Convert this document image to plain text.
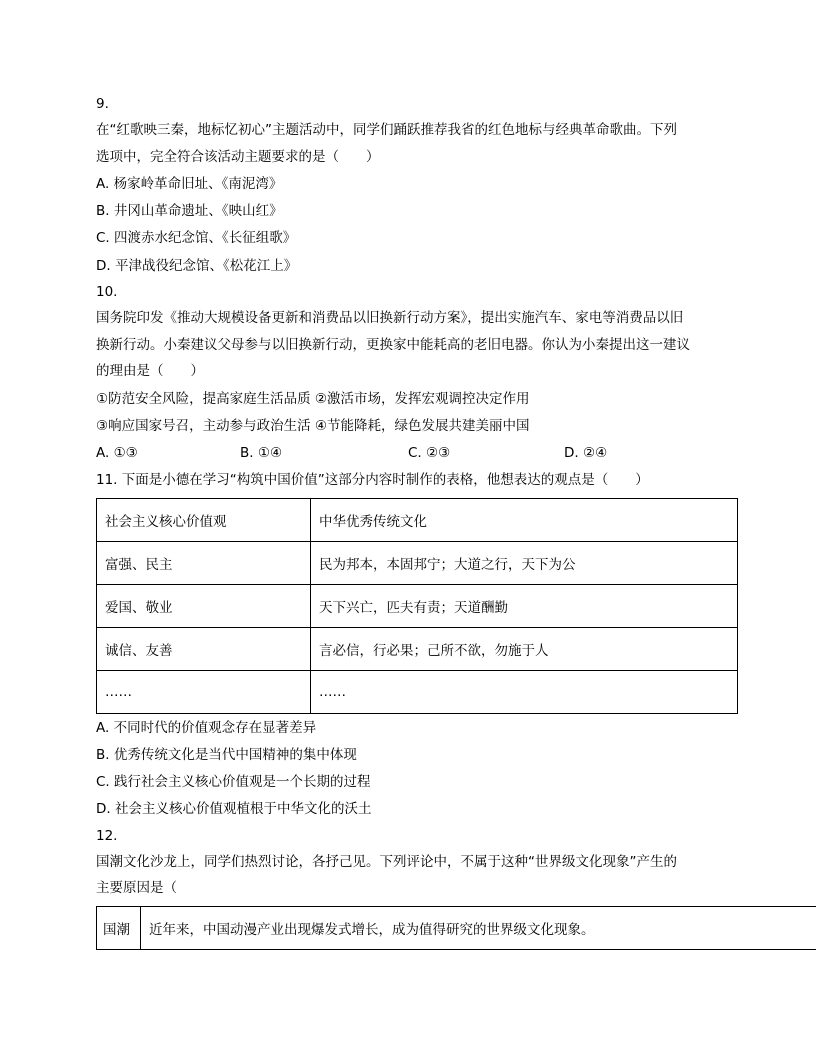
9.
在“红歌映三秦，地标忆初心”主题活动中，同学们踊跃推荐我省的红色地标与经典革命歌曲。下列
选项中，完全符合该活动主题要求的是（　　）
A. 杨家岭革命旧址、《南泥湾》
B. 井冈山革命遗址、《映山红》
C. 四渡赤水纪念馆、《长征组歌》
D. 平津战役纪念馆、《松花江上》
10.
国务院印发《推动大规模设备更新和消费品以旧换新行动方案》，提出实施汽车、家电等消费品以旧
换新行动。小秦建议父母参与以旧换新行动，更换家中能耗高的老旧电器。你认为小秦提出这一建议
的理由是（　　）
①防范安全风险，提高家庭生活品质 ②激活市场，发挥宏观调控决定作用
③响应国家号召，主动参与政治生活 ④节能降耗，绿色发展共建美丽中国
A. ①③	B. ①④	C. ②③	D. ②④
11. 下面是小德在学习“构筑中国价值”这部分内容时制作的表格，他想表达的观点是（　　）
社会主义核心价值观	中华优秀传统文化
富强、民主	民为邦本，本固邦宁；大道之行，天下为公
爱国、敬业	天下兴亡，匹夫有责；天道酬勤
诚信、友善	言必信，行必果；己所不欲，勿施于人
……	……
A. 不同时代的价值观念存在显著差异
B. 优秀传统文化是当代中国精神的集中体现
C. 践行社会主义核心价值观是一个长期的过程
D. 社会主义核心价值观植根于中华文化的沃土
12.
国潮文化沙龙上，同学们热烈讨论，各抒己见。下列评论中，不属于这种“世界级文化现象”产生的
主要原因是（
国潮	近年来，中国动漫产业出现爆发式增长，成为值得研究的世界级文化现象。
